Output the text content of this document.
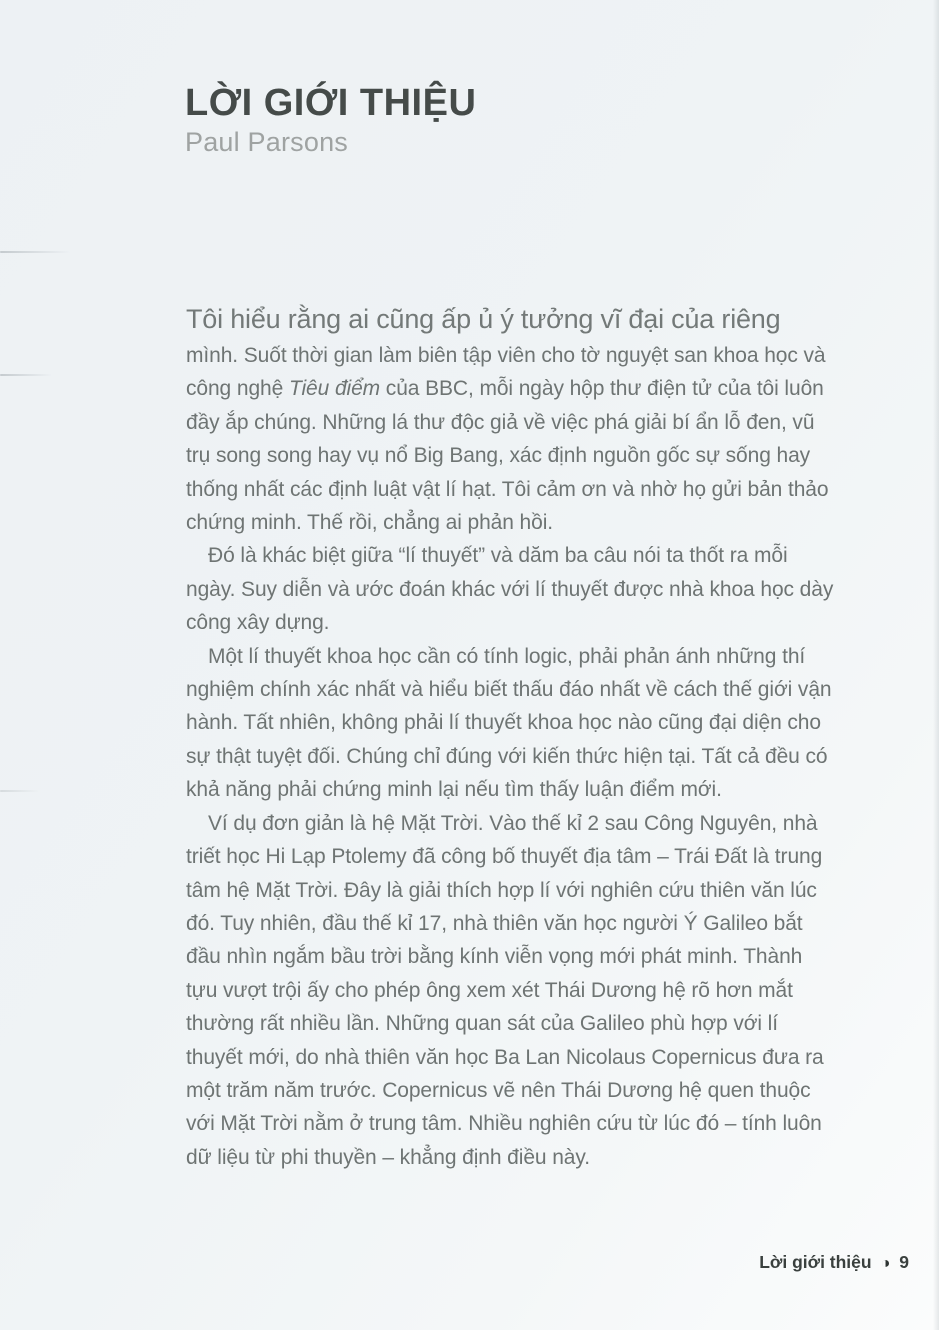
LỜI GIỚI THIỆU
Paul Parsons

Tôi hiểu rằng ai cũng ấp ủ ý tưởng vĩ đại của riêng
mình. Suốt thời gian làm biên tập viên cho tờ nguyệt san khoa học và công nghệ Tiêu điểm của BBC, mỗi ngày hộp thư điện tử của tôi luôn đầy ắp chúng. Những lá thư độc giả về việc phá giải bí ẩn lỗ đen, vũ trụ song song hay vụ nổ Big Bang, xác định nguồn gốc sự sống hay thống nhất các định luật vật lí hạt. Tôi cảm ơn và nhờ họ gửi bản thảo chứng minh. Thế rồi, chẳng ai phản hồi.

Đó là khác biệt giữa “lí thuyết” và dăm ba câu nói ta thốt ra mỗi ngày. Suy diễn và ước đoán khác với lí thuyết được nhà khoa học dày công xây dựng.

Một lí thuyết khoa học cần có tính logic, phải phản ánh những thí nghiệm chính xác nhất và hiểu biết thấu đáo nhất về cách thế giới vận hành. Tất nhiên, không phải lí thuyết khoa học nào cũng đại diện cho sự thật tuyệt đối. Chúng chỉ đúng với kiến thức hiện tại. Tất cả đều có khả năng phải chứng minh lại nếu tìm thấy luận điểm mới.

Ví dụ đơn giản là hệ Mặt Trời. Vào thế kỉ 2 sau Công Nguyên, nhà triết học Hi Lạp Ptolemy đã công bố thuyết địa tâm – Trái Đất là trung tâm hệ Mặt Trời. Đây là giải thích hợp lí với nghiên cứu thiên văn lúc đó. Tuy nhiên, đầu thế kỉ 17, nhà thiên văn học người Ý Galileo bắt đầu nhìn ngắm bầu trời bằng kính viễn vọng mới phát minh. Thành tựu vượt trội ấy cho phép ông xem xét Thái Dương hệ rõ hơn mắt thường rất nhiều lần. Những quan sát của Galileo phù hợp với lí thuyết mới, do nhà thiên văn học Ba Lan Nicolaus Copernicus đưa ra một trăm năm trước. Copernicus vẽ nên Thái Dương hệ quen thuộc với Mặt Trời nằm ở trung tâm. Nhiều nghiên cứu từ lúc đó – tính luôn dữ liệu từ phi thuyền – khẳng định điều này.

Lời giới thiệu ◑ 9
